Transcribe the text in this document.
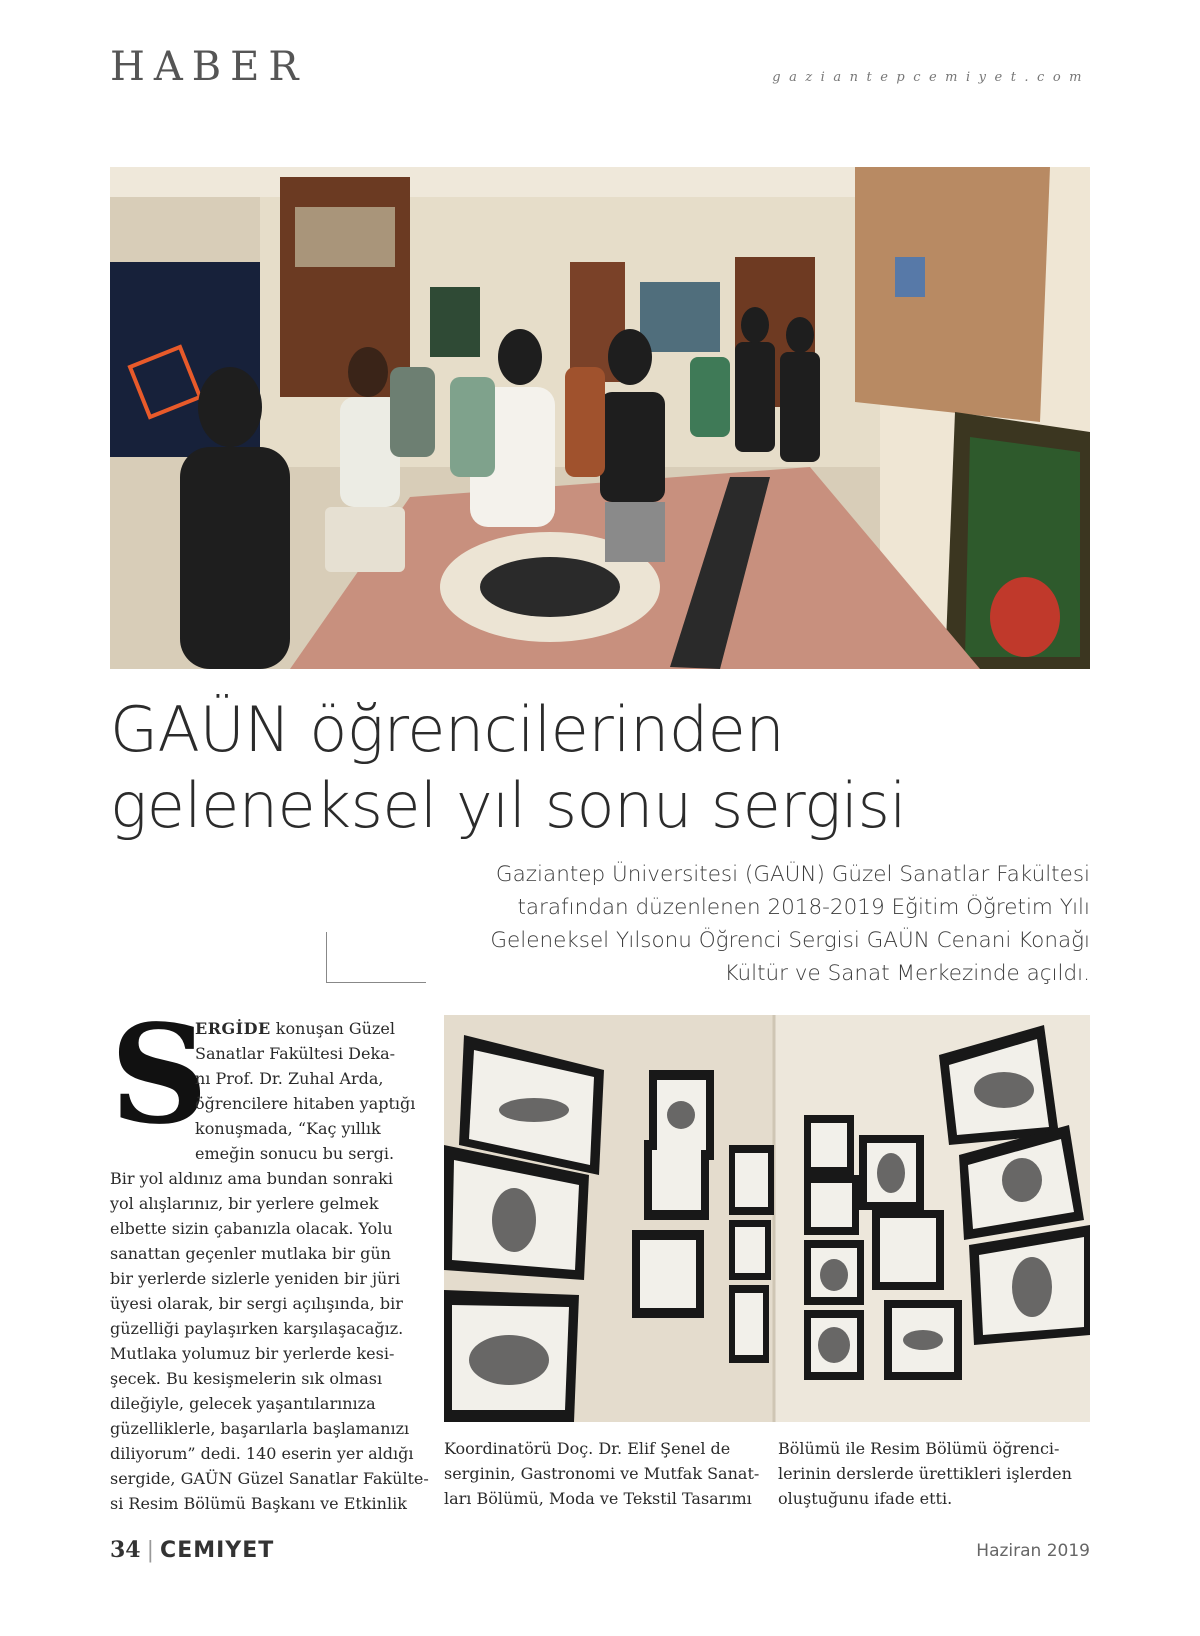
HABER	gaziantepcemiyet.com
GAÜN öğrencilerinden
geleneksel yıl sonu sergisi

Gaziantep Üniversitesi (GAÜN) Güzel Sanatlar Fakültesi
tarafından düzenlenen 2018-2019 Eğitim Öğretim Yılı
Geleneksel Yılsonu Öğrenci Sergisi GAÜN Cenani Konağı
Kültür ve Sanat Merkezinde açıldı.

S
ERGİDE konuşan Güzel
Sanatlar Fakültesi Deka-
nı Prof. Dr. Zuhal Arda,
öğrencilere hitaben yaptığı
konuşmada, “Kaç yıllık
emeğin sonucu bu sergi.
Bir yol aldınız ama bundan sonraki
yol alışlarınız, bir yerlere gelmek
elbette sizin çabanızla olacak. Yolu
sanattan geçenler mutlaka bir gün
bir yerlerde sizlerle yeniden bir jüri
üyesi olarak, bir sergi açılışında, bir
güzelliği paylaşırken karşılaşacağız.
Mutlaka yolumuz bir yerlerde kesi-
şecek. Bu kesişmelerin sık olması
dileğiyle, gelecek yaşantılarınıza
güzelliklerle, başarılarla başlamanızı
diliyorum” dedi. 140 eserin yer aldığı
sergide, GAÜN Güzel Sanatlar Fakülte-
si Resim Bölümü Başkanı ve Etkinlik
Koordinatörü Doç. Dr. Elif Şenel de
serginin, Gastronomi ve Mutfak Sanat-
ları Bölümü, Moda ve Tekstil Tasarımı
Bölümü ile Resim Bölümü öğrenci-
lerinin derslerde ürettikleri işlerden
oluştuğunu ifade etti.
34 | CEMIYET	Haziran 2019
